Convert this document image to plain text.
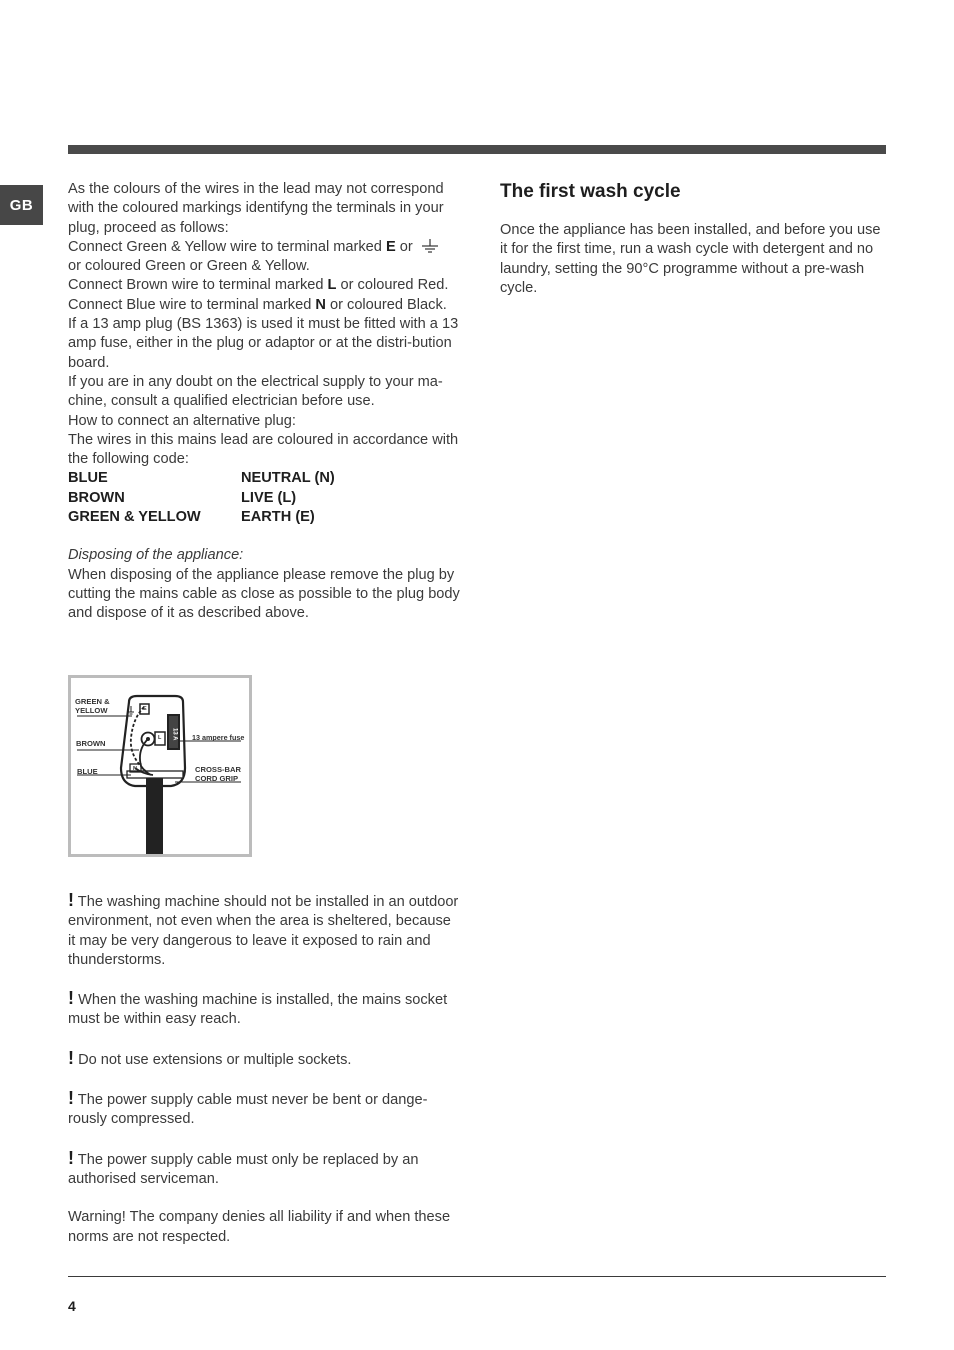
GB

As the colours of the wires in the lead may not correspond with the coloured markings identifyng the terminals in your plug, proceed as follows:

Connect Green & Yellow wire to terminal marked E or
or coloured Green or Green & Yellow.

Connect Brown wire to terminal marked L or coloured Red.

Connect Blue wire to terminal marked N or coloured Black.

If a 13 amp plug (BS 1363) is used it must be fitted with a 13 amp fuse, either in the plug or adaptor or at the distri-bution board.

If you are in any doubt on the electrical supply to your ma-chine, consult a qualified electrician before use.

How to connect an alternative plug:

The wires in this mains lead are coloured in accordance with the following code:

BLUE	NEUTRAL (N)
BROWN	LIVE (L)
GREEN & YELLOW	EARTH (E)

Disposing of the appliance:

When disposing of the appliance please remove the plug by cutting the mains cable as close as possible to the plug body and dispose of it as described above.

GREEN &
YELLOW
BROWN
BLUE
13 ampere fuse
CROSS-BAR
CORD GRIP
13 A
E
L
N

! The washing machine should not be installed in an outdoor environment, not even when the area is sheltered, because it may be very dangerous to leave it exposed to rain and thunderstorms.

! When the washing machine is installed, the mains socket must be within easy reach.

! Do not use extensions or multiple sockets.

! The power supply cable must never be bent or dange-rously compressed.

! The power supply cable must only be replaced by an authorised serviceman.

Warning! The company denies all liability if and when these norms are not respected.

The first wash cycle

Once the appliance has been installed, and before you use it for the first time, run a wash cycle with detergent and no laundry, setting the 90°C programme without a pre-wash cycle.

4
